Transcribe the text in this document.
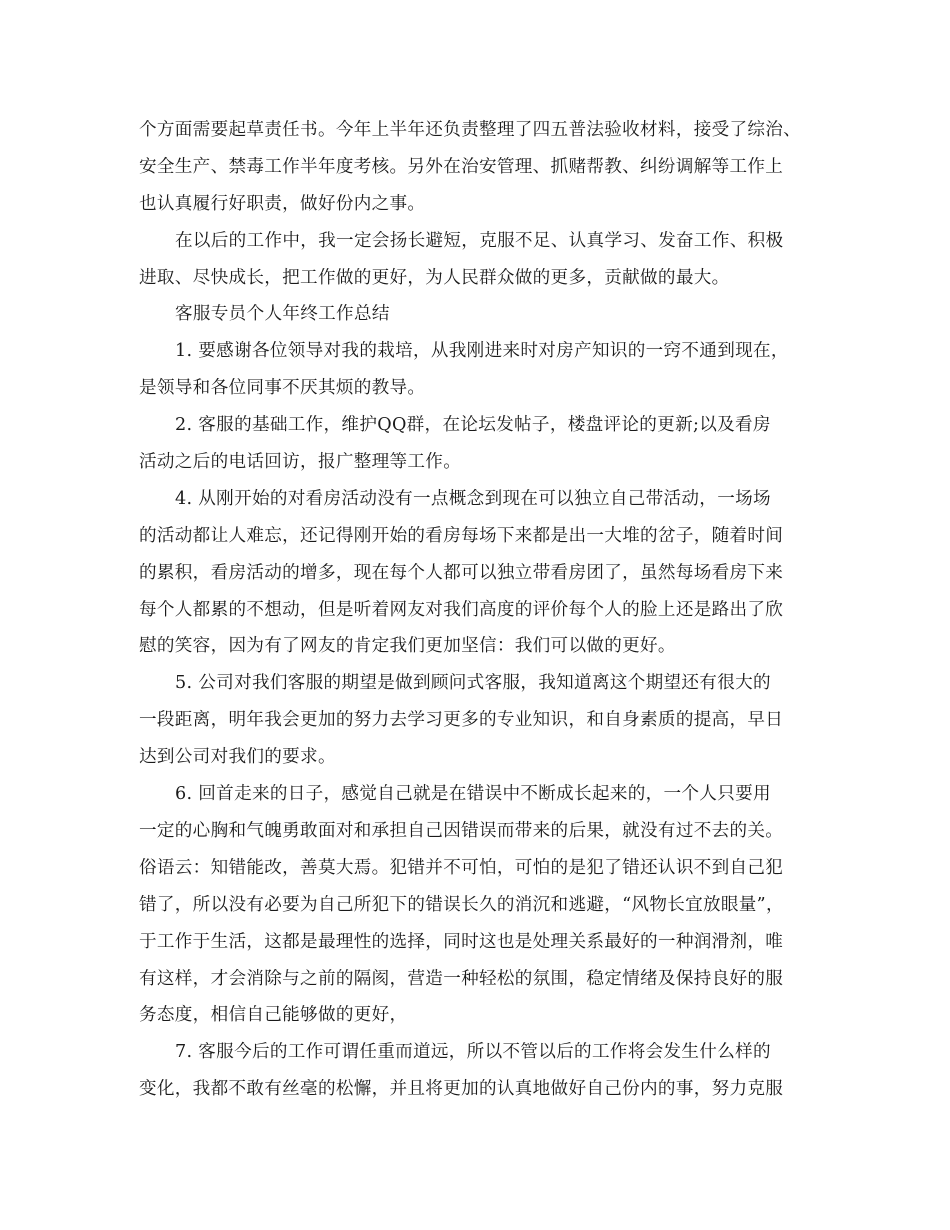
个方面需要起草责任书。今年上半年还负责整理了四五普法验收材料，接受了综治、
安全生产、禁毒工作半年度考核。另外在治安管理、抓赌帮教、纠纷调解等工作上
也认真履行好职责，做好份内之事。
在以后的工作中，我一定会扬长避短，克服不足、认真学习、发奋工作、积极
进取、尽快成长，把工作做的更好，为人民群众做的更多，贡献做的最大。
客服专员个人年终工作总结
1. 要感谢各位领导对我的栽培，从我刚进来时对房产知识的一窍不通到现在，
是领导和各位同事不厌其烦的教导。
2. 客服的基础工作，维护QQ群，在论坛发帖子，楼盘评论的更新;以及看房
活动之后的电话回访，报广整理等工作。
4. 从刚开始的对看房活动没有一点概念到现在可以独立自己带活动，一场场
的活动都让人难忘，还记得刚开始的看房每场下来都是出一大堆的岔子，随着时间
的累积，看房活动的增多，现在每个人都可以独立带看房团了，虽然每场看房下来
每个人都累的不想动，但是听着网友对我们高度的评价每个人的脸上还是路出了欣
慰的笑容，因为有了网友的肯定我们更加坚信：我们可以做的更好。
5. 公司对我们客服的期望是做到顾问式客服，我知道离这个期望还有很大的
一段距离，明年我会更加的努力去学习更多的专业知识，和自身素质的提高，早日
达到公司对我们的要求。
6. 回首走来的日子，感觉自己就是在错误中不断成长起来的，一个人只要用
一定的心胸和气魄勇敢面对和承担自己因错误而带来的后果，就没有过不去的关。
俗语云：知错能改，善莫大焉。犯错并不可怕，可怕的是犯了错还认识不到自己犯
错了，所以没有必要为自己所犯下的错误长久的消沉和逃避，“风物长宜放眼量”，
于工作于生活，这都是最理性的选择，同时这也是处理关系最好的一种润滑剂，唯
有这样，才会消除与之前的隔阂，营造一种轻松的氛围，稳定情绪及保持良好的服
务态度，相信自己能够做的更好，
7. 客服今后的工作可谓任重而道远，所以不管以后的工作将会发生什么样的
变化，我都不敢有丝毫的松懈，并且将更加的认真地做好自己份内的事，努力克服
